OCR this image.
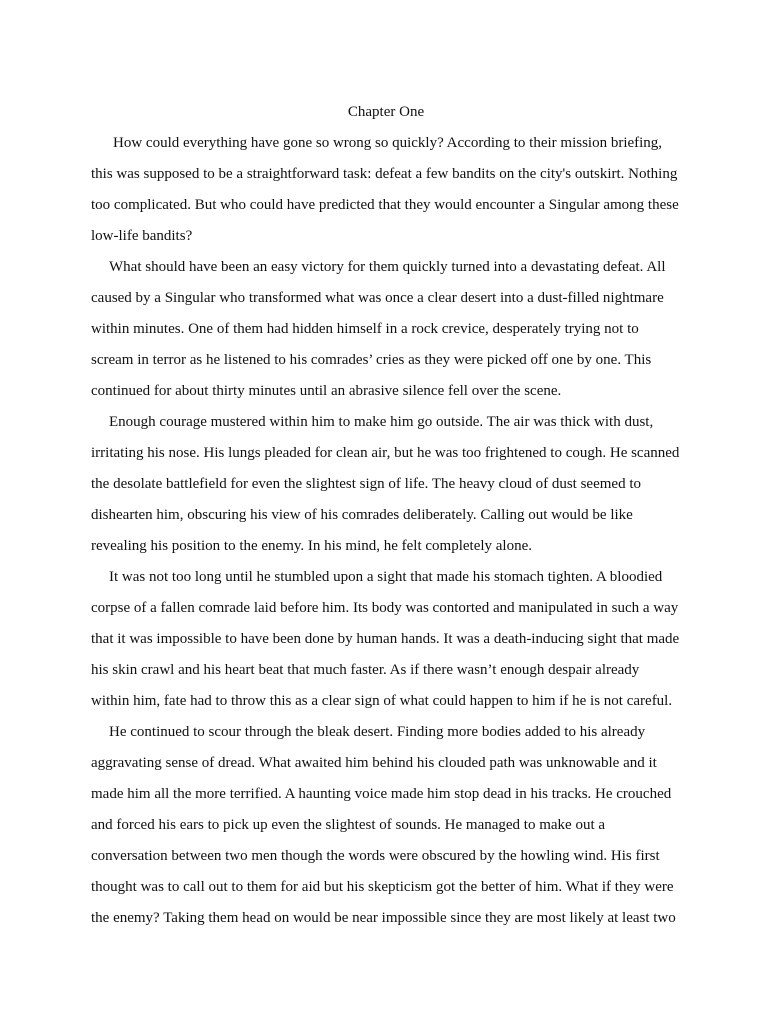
Chapter One

How could everything have gone so wrong so quickly? According to their mission briefing, this was supposed to be a straightforward task: defeat a few bandits on the city's outskirt. Nothing too complicated. But who could have predicted that they would encounter a Singular among these low-life bandits?

What should have been an easy victory for them quickly turned into a devastating defeat. All caused by a Singular who transformed what was once a clear desert into a dust-filled nightmare within minutes. One of them had hidden himself in a rock crevice, desperately trying not to scream in terror as he listened to his comrades’ cries as they were picked off one by one. This continued for about thirty minutes until an abrasive silence fell over the scene.

Enough courage mustered within him to make him go outside. The air was thick with dust, irritating his nose. His lungs pleaded for clean air, but he was too frightened to cough. He scanned the desolate battlefield for even the slightest sign of life. The heavy cloud of dust seemed to dishearten him, obscuring his view of his comrades deliberately. Calling out would be like revealing his position to the enemy. In his mind, he felt completely alone.

It was not too long until he stumbled upon a sight that made his stomach tighten. A bloodied corpse of a fallen comrade laid before him. Its body was contorted and manipulated in such a way that it was impossible to have been done by human hands. It was a death-inducing sight that made his skin crawl and his heart beat that much faster. As if there wasn’t enough despair already within him, fate had to throw this as a clear sign of what could happen to him if he is not careful.

He continued to scour through the bleak desert. Finding more bodies added to his already aggravating sense of dread. What awaited him behind his clouded path was unknowable and it made him all the more terrified. A haunting voice made him stop dead in his tracks. He crouched and forced his ears to pick up even the slightest of sounds. He managed to make out a conversation between two men though the words were obscured by the howling wind. His first thought was to call out to them for aid but his skepticism got the better of him. What if they were the enemy? Taking them head on would be near impossible since they are most likely at least two
